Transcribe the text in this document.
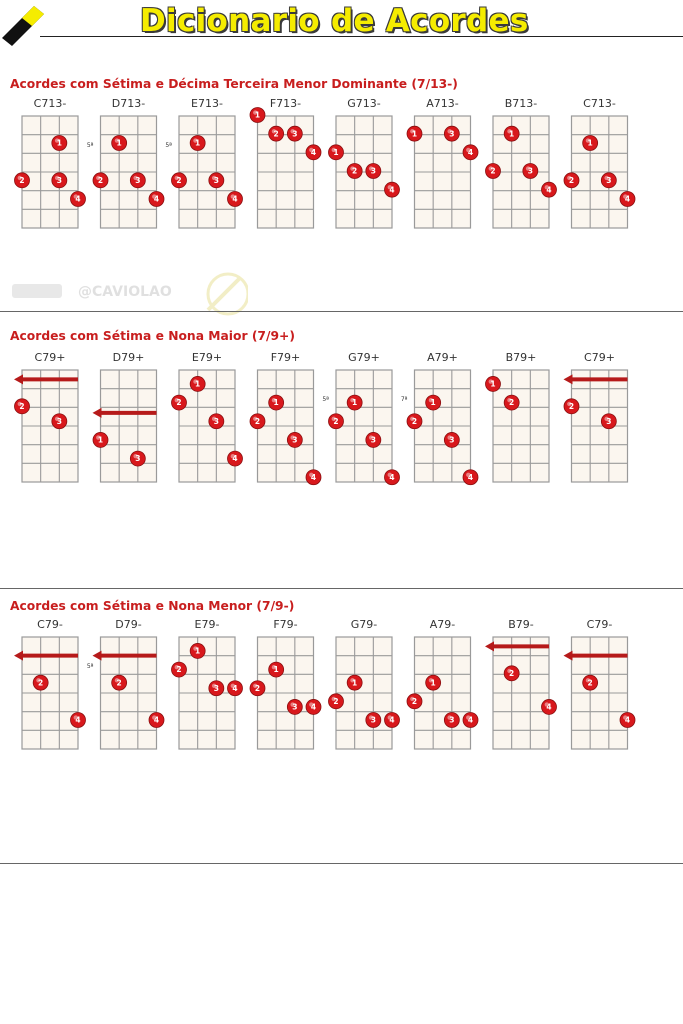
Dicionario de Acordes
@CAVIOLAO
Acordes com Sétima e Décima Terceira Menor Dominante (7/13-)
C713-
1
2	3
4
D713-
5ª	1
2	3
4
E713-
5ª	1
2	3
4
F713-
1
2 3
4
G713-
1
2 3
4
A713-
1	3
4
B713-
1
2	3
4
C713-
1
2	3
4
Acordes com Sétima e Nona Maior (7/9+)
C79+
2
3
D79+
1
3
E79+
1
2
3
4
F79+
1
2
3
4
G79+
5ª	1
2
3
4
A79+
7ª	1
2
3
4
B79+
1
2
C79+
2
3
Acordes com Sétima e Nona Menor (7/9-)
C79-
2
4
D79-
5ª
2
4
E79-
1
2
3 4
F79-
1
2
3 4
G79-
1
2
3 4
A79-
1
2
3 4
B79-
2
4
C79-
2
4
